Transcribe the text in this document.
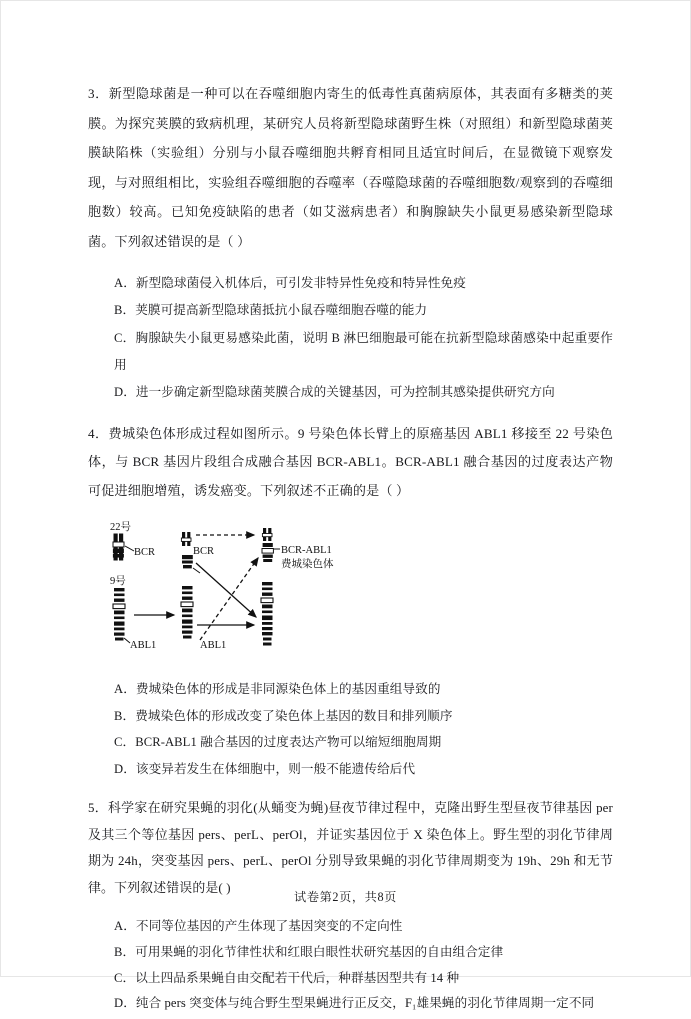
3．新型隐球菌是一种可以在吞噬细胞内寄生的低毒性真菌病原体，其表面有多糖类的荚膜。为探究荚膜的致病机理，某研究人员将新型隐球菌野生株（对照组）和新型隐球菌荚膜缺陷株（实验组）分别与小鼠吞噬细胞共孵育相同且适宜时间后，在显微镜下观察发现，与对照组相比，实验组吞噬细胞的吞噬率（吞噬隐球菌的吞噬细胞数/观察到的吞噬细胞数）较高。已知免疫缺陷的患者（如艾滋病患者）和胸腺缺失小鼠更易感染新型隐球菌。下列叙述错误的是（ ）

A．新型隐球菌侵入机体后，可引发非特异性免疫和特异性免疫
B．荚膜可提高新型隐球菌抵抗小鼠吞噬细胞吞噬的能力
C．胸腺缺失小鼠更易感染此菌，说明 B 淋巴细胞最可能在抗新型隐球菌感染中起重要作用
D．进一步确定新型隐球菌荚膜合成的关键基因，可为控制其感染提供研究方向

4．费城染色体形成过程如图所示。9 号染色体长臂上的原癌基因 ABL1 移接至 22 号染色体，与 BCR 基因片段组合成融合基因 BCR-ABL1。BCR-ABL1 融合基因的过度表达产物可促进细胞增殖，诱发癌变。下列叙述不正确的是（ ）

22号
9号
BCR
ABL1
BCR
ABL1
BCR-ABL1
费城染色体
A．费城染色体的形成是非同源染色体上的基因重组导致的
B．费城染色体的形成改变了染色体上基因的数目和排列顺序
C．BCR-ABL1 融合基因的过度表达产物可以缩短细胞周期
D．该变异若发生在体细胞中，则一般不能遗传给后代

5．科学家在研究果蝇的羽化(从蛹变为蝇)昼夜节律过程中，克隆出野生型昼夜节律基因 per 及其三个等位基因 pers、perL、perOl，并证实基因位于 X 染色体上。野生型的羽化节律周期为 24h，突变基因 pers、perL、perOl 分别导致果蝇的羽化节律周期变为 19h、29h 和无节律。下列叙述错误的是( )

A．不同等位基因的产生体现了基因突变的不定向性
B．可用果蝇的羽化节律性状和红眼白眼性状研究基因的自由组合定律
C．以上四品系果蝇自由交配若干代后，种群基因型共有 14 种
D．纯合 pers 突变体与纯合野生型果蝇进行正反交，F₁雄果蝇的羽化节律周期一定不同
试卷第2页，共8页
